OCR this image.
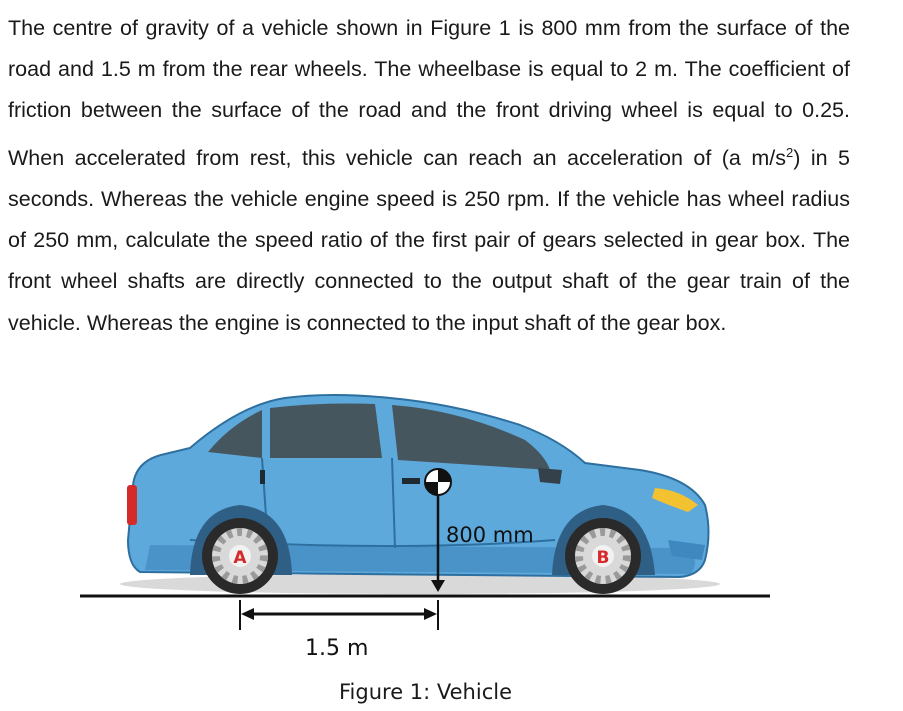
The centre of gravity of a vehicle shown in Figure 1 is 800 mm from the surface of the road and 1.5 m from the rear wheels. The wheelbase is equal to 2 m. The coefficient of friction between the surface of the road and the front driving wheel is equal to 0.25. When accelerated from rest, this vehicle can reach an acceleration of (a $m/s^2$) in 5 seconds. Whereas the vehicle engine speed is 250 rpm. If the vehicle has wheel radius of 250 mm, calculate the speed ratio of the first pair of gears selected in gear box. The front wheel shafts are directly connected to the output shaft of the gear train of the vehicle. Whereas the engine is connected to the input shaft of the gear box.

A	B
800 mm
1.5 m
Figure 1: Vehicle
